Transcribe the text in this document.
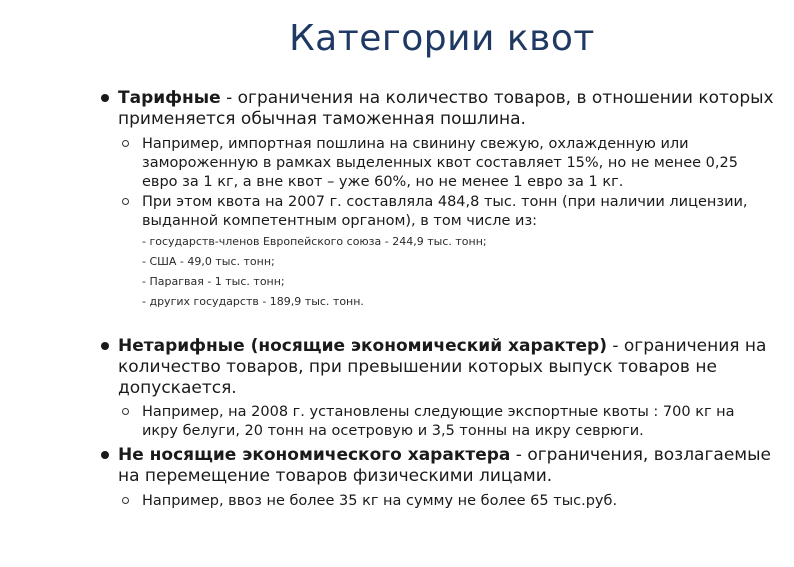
Категории квот
Тарифные - ограничения на количество товаров, в отношении которых применяется обычная таможенная пошлина.
Например, импортная пошлина на свинину свежую, охлажденную или замороженную в рамках выделенных квот составляет 15%, но не менее 0,25 евро за 1 кг, а вне квот – уже 60%, но не менее 1 евро за 1 кг.
При этом квота на 2007 г. составляла 484,8 тыс. тонн (при наличии лицензии, выданной компетентным органом), в том числе из:
- государств-членов Европейского союза - 244,9 тыс. тонн;
- США - 49,0 тыс. тонн;
- Парагвая - 1 тыс. тонн;
- других государств - 189,9 тыс. тонн.
Нетарифные (носящие экономический характер) - ограничения на количество товаров, при превышении которых выпуск товаров не допускается.
Например, на 2008 г. установлены следующие экспортные квоты : 700 кг на икру белуги, 20 тонн на осетровую и 3,5 тонны на икру севрюги.
Не носящие экономического характера - ограничения, возлагаемые на перемещение товаров физическими лицами.
Например, ввоз не более 35 кг на сумму не более 65 тыс.руб.
